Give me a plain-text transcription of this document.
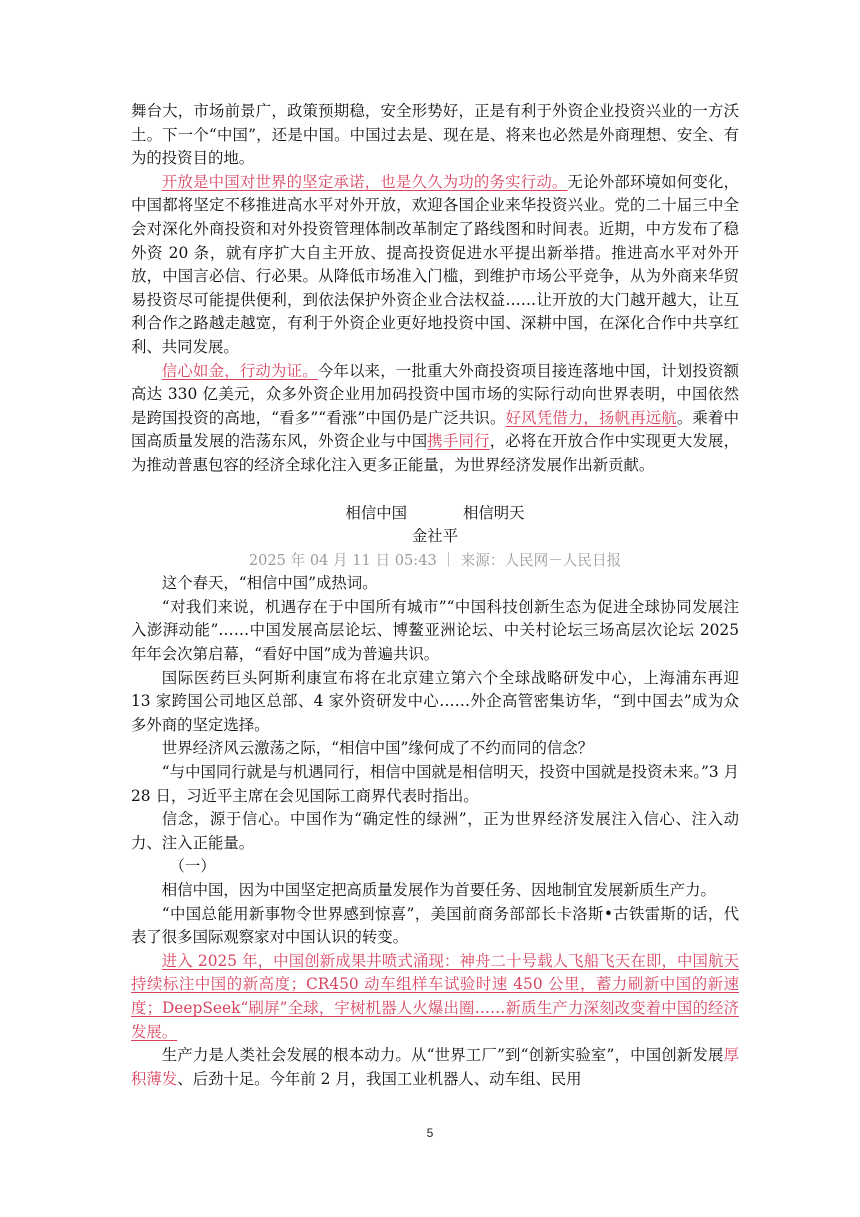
舞台大，市场前景广，政策预期稳，安全形势好，正是有利于外资企业投资兴业的一方沃土。下一个“中国”，还是中国。中国过去是、现在是、将来也必然是外商理想、安全、有为的投资目的地。

开放是中国对世界的坚定承诺，也是久久为功的务实行动。无论外部环境如何变化，中国都将坚定不移推进高水平对外开放，欢迎各国企业来华投资兴业。党的二十届三中全会对深化外商投资和对外投资管理体制改革制定了路线图和时间表。近期，中方发布了稳外资 20 条，就有序扩大自主开放、提高投资促进水平提出新举措。推进高水平对外开放，中国言必信、行必果。从降低市场准入门槛，到维护市场公平竞争，从为外商来华贸易投资尽可能提供便利，到依法保护外资企业合法权益……让开放的大门越开越大，让互利合作之路越走越宽，有利于外资企业更好地投资中国、深耕中国，在深化合作中共享红利、共同发展。

信心如金，行动为证。今年以来，一批重大外商投资项目接连落地中国，计划投资额高达 330 亿美元，众多外资企业用加码投资中国市场的实际行动向世界表明，中国依然是跨国投资的高地，“看多”“看涨”中国仍是广泛共识。好风凭借力，扬帆再远航。乘着中国高质量发展的浩荡东风，外资企业与中国携手同行，必将在开放合作中实现更大发展，为推动普惠包容的经济全球化注入更多正能量，为世界经济发展作出新贡献。

相信中国	相信明天
金社平
2025 年 04 月 11 日 05:43 ｜ 来源：人民网－人民日报

这个春天，“相信中国”成热词。

“对我们来说，机遇存在于中国所有城市”“中国科技创新生态为促进全球协同发展注入澎湃动能”……中国发展高层论坛、博鳌亚洲论坛、中关村论坛三场高层次论坛 2025 年年会次第启幕，“看好中国”成为普遍共识。

国际医药巨头阿斯利康宣布将在北京建立第六个全球战略研发中心，上海浦东再迎 13 家跨国公司地区总部、4 家外资研发中心……外企高管密集访华，“到中国去”成为众多外商的坚定选择。

世界经济风云激荡之际，“相信中国”缘何成了不约而同的信念？

“与中国同行就是与机遇同行，相信中国就是相信明天，投资中国就是投资未来。”3 月 28 日，习近平主席在会见国际工商界代表时指出。

信念，源于信心。中国作为“确定性的绿洲”，正为世界经济发展注入信心、注入动力、注入正能量。

（一）

相信中国，因为中国坚定把高质量发展作为首要任务、因地制宜发展新质生产力。

“中国总能用新事物令世界感到惊喜”，美国前商务部部长卡洛斯•古铁雷斯的话，代表了很多国际观察家对中国认识的转变。

进入 2025 年，中国创新成果井喷式涌现：神舟二十号载人飞船飞天在即，中国航天持续标注中国的新高度；CR450 动车组样车试验时速 450 公里，蓄力刷新中国的新速度；DeepSeek“刷屏”全球，宇树机器人火爆出圈……新质生产力深刻改变着中国的经济发展。

生产力是人类社会发展的根本动力。从“世界工厂”到“创新实验室”，中国创新发展厚积薄发、后劲十足。今年前 2 月，我国工业机器人、动车组、民用

5
